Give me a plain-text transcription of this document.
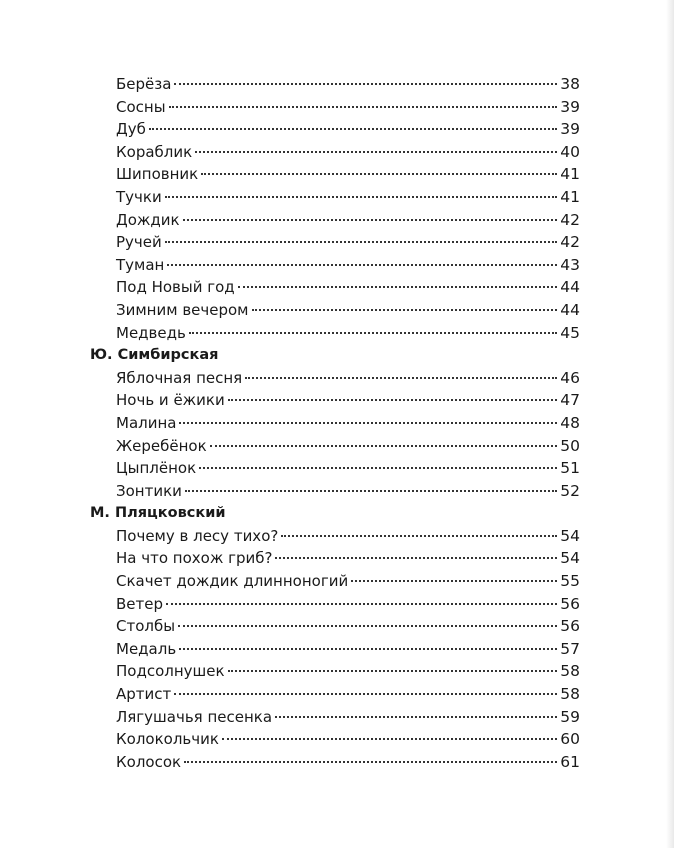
Берёза	38
Сосны	39
Дуб	39
Кораблик	40
Шиповник	41
Тучки	41
Дождик	42
Ручей	42
Туман	43
Под Новый год	44
Зимним вечером	44
Медведь	45
Ю. Симбирская
Яблочная песня	46
Ночь и ёжики	47
Малина	48
Жеребёнок	50
Цыплёнок	51
Зонтики	52
М. Пляцковский
Почему в лесу тихо?	54
На что похож гриб?	54
Скачет дождик длинноногий	55
Ветер	56
Столбы	56
Медаль	57
Подсолнушек	58
Артист	58
Лягушачья песенка	59
Колокольчик	60
Колосок	61
